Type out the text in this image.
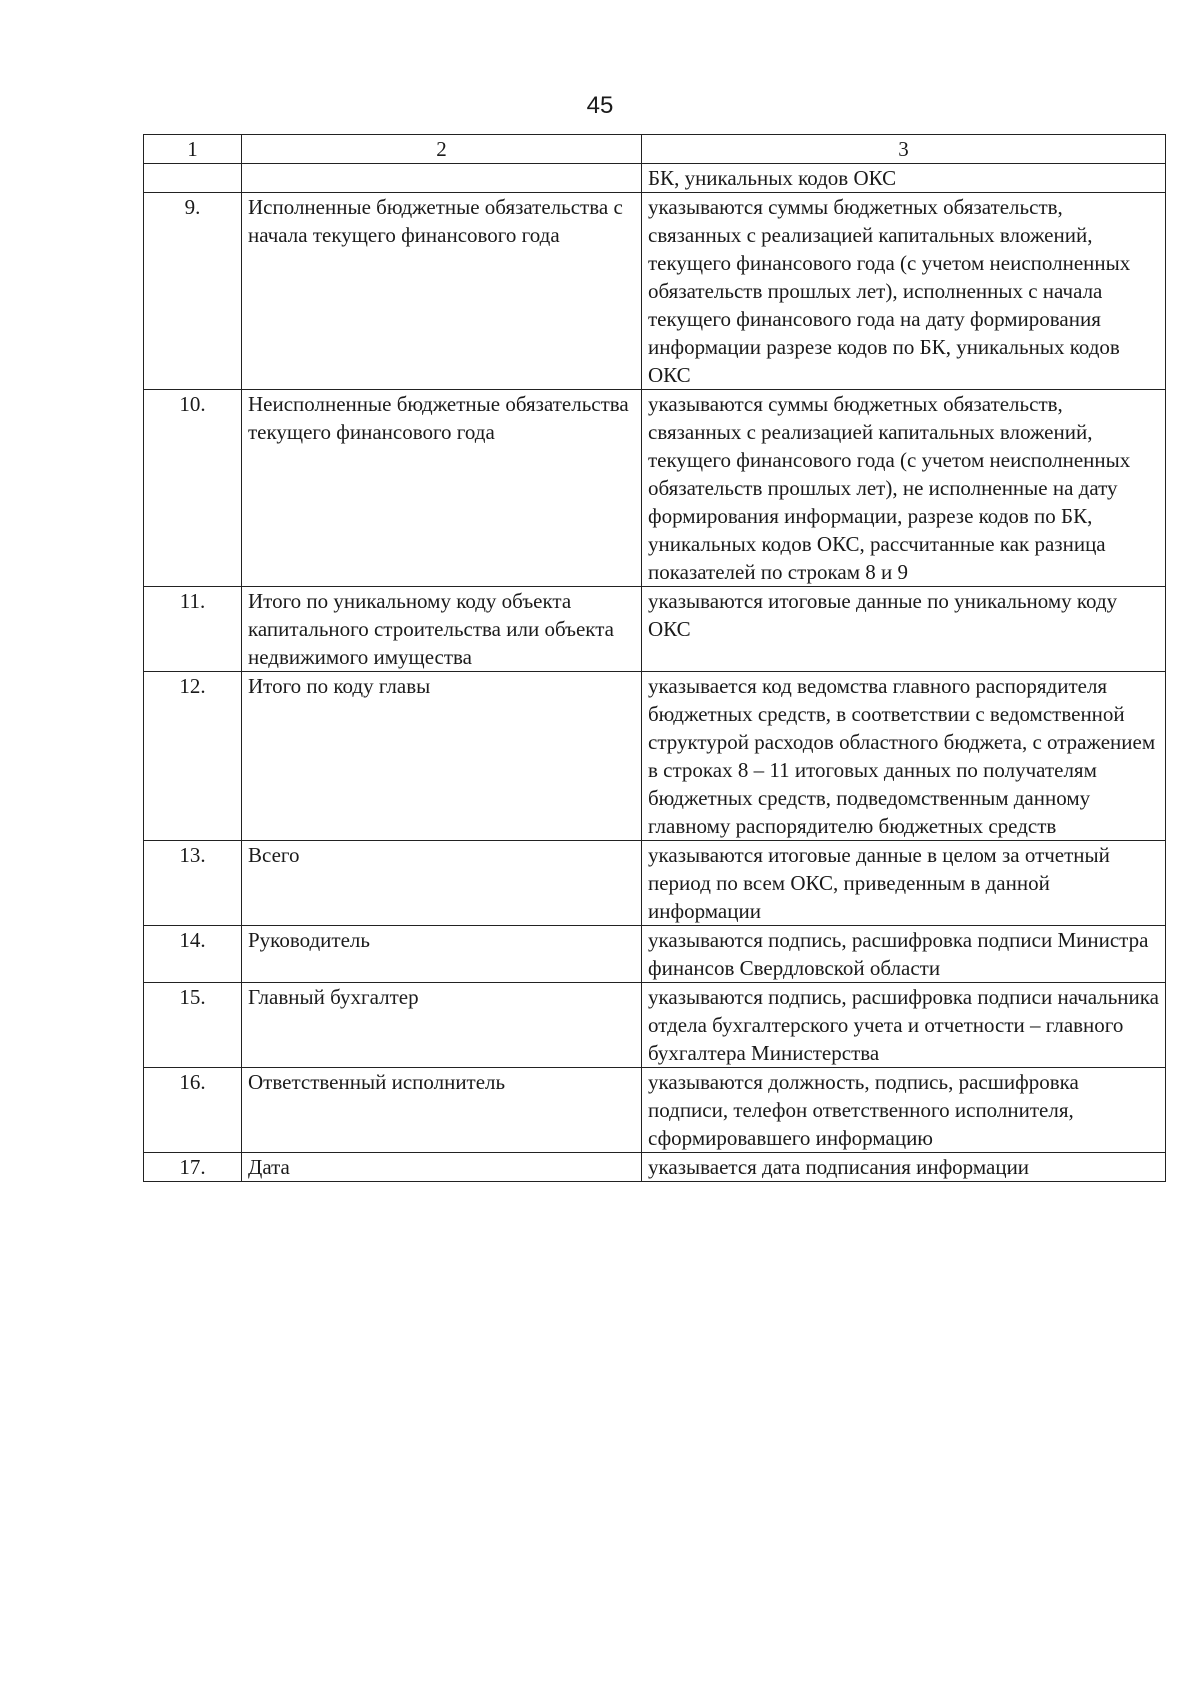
45
1	2	3
		БК, уникальных кодов ОКС
9.	Исполненные бюджетные обязательства с начала текущего финансового года	указываются суммы бюджетных обязательств, связанных с реализацией капитальных вложений, текущего финансового года (с учетом неисполненных обязательств прошлых лет), исполненных с начала текущего финансового года на дату формирования информации разрезе кодов по БК, уникальных кодов ОКС
10.	Неисполненные бюджетные обязательства текущего финансового года	указываются суммы бюджетных обязательств, связанных с реализацией капитальных вложений, текущего финансового года (с учетом неисполненных обязательств прошлых лет), не исполненные на дату формирования информации, разрезе кодов по БК, уникальных кодов ОКС, рассчитанные как разница показателей по строкам 8 и 9
11.	Итого по уникальному коду объекта капитального строительства или объекта недвижимого имущества	указываются итоговые данные по уникальному коду ОКС
12.	Итого по коду главы	указывается код ведомства главного распорядителя бюджетных средств, в соответствии с ведомственной структурой расходов областного бюджета, с отражением в строках 8 – 11 итоговых данных по получателям бюджетных средств, подведомственным данному главному распорядителю бюджетных средств
13.	Всего	указываются итоговые данные в целом за отчетный период по всем ОКС, приведенным в данной информации
14.	Руководитель	указываются подпись, расшифровка подписи Министра финансов Свердловской области
15.	Главный бухгалтер	указываются подпись, расшифровка подписи начальника отдела бухгалтерского учета и отчетности – главного бухгалтера Министерства
16.	Ответственный исполнитель	указываются должность, подпись, расшифровка подписи, телефон ответственного исполнителя, сформировавшего информацию
17.	Дата	указывается дата подписания информации
